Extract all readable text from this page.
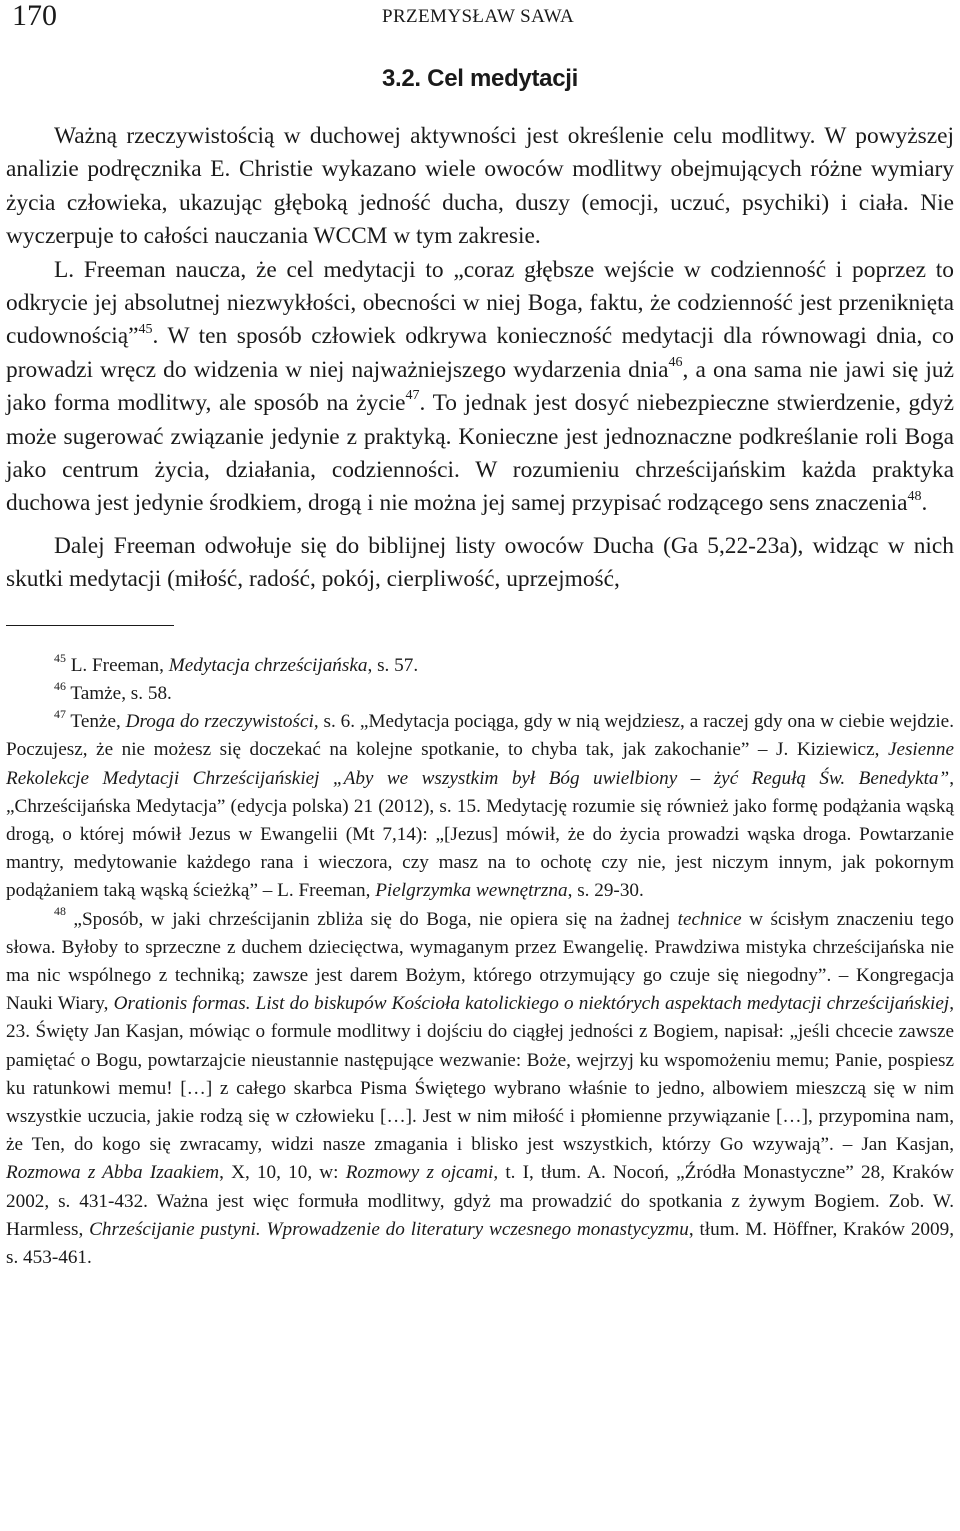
170	PRZEMYSŁAW SAWA
3.2. Cel medytacji

Ważną rzeczywistością w duchowej aktywności jest określenie celu modlitwy. W powyższej analizie podręcznika E. Christie wykazano wiele owoców modlitwy obejmujących różne wymiary życia człowieka, ukazując głęboką jedność ducha, duszy (emocji, uczuć, psychiki) i ciała. Nie wyczerpuje to całości nauczania WCCM w tym zakresie.

L. Freeman naucza, że cel medytacji to „coraz głębsze wejście w codzienność i poprzez to odkrycie jej absolutnej niezwykłości, obecności w niej Boga, faktu, że codzienność jest przeniknięta cudownością”$^{45}$. W ten sposób człowiek odkrywa konieczność medytacji dla równowagi dnia, co prowadzi wręcz do widzenia w niej najważniejszego wydarzenia dnia$^{46}$, a ona sama nie jawi się już jako forma modlitwy, ale sposób na życie$^{47}$. To jednak jest dosyć niebezpieczne stwierdzenie, gdyż może sugerować związanie jedynie z praktyką. Konieczne jest jednoznaczne podkreślanie roli Boga jako centrum życia, działania, codzienności. W rozumieniu chrześcijańskim każda praktyka duchowa jest jedynie środkiem, drogą i nie można jej samej przypisać rodzącego sens znaczenia$^{48}$.

Dalej Freeman odwołuje się do biblijnej listy owoców Ducha (Ga 5,22-23a), widząc w nich skutki medytacji (miłość, radość, pokój, cierpliwość, uprzejmość,

$^{45}$ L. Freeman, Medytacja chrześcijańska, s. 57.

$^{46}$ Tamże, s. 58.

$^{47}$ Tenże, Droga do rzeczywistości, s. 6. „Medytacja pociąga, gdy w nią wejdziesz, a raczej gdy ona w ciebie wejdzie. Poczujesz, że nie możesz się doczekać na kolejne spotkanie, to chyba tak, jak zakochanie” – J. Kiziewicz, Jesienne Rekolekcje Medytacji Chrześcijańskiej „Aby we wszystkim był Bóg uwielbiony – żyć Regułą Św. Benedykta”, „Chrześcijańska Medytacja” (edycja polska) 21 (2012), s. 15. Medytację rozumie się również jako formę podążania wąską drogą, o której mówił Jezus w Ewangelii (Mt 7,14): „[Jezus] mówił, że do życia prowadzi wąska droga. Powtarzanie mantry, medytowanie każdego rana i wieczora, czy masz na to ochotę czy nie, jest niczym innym, jak pokornym podążaniem taką wąską ścieżką” – L. Freeman, Pielgrzymka wewnętrzna, s. 29-30.

$^{48}$ „Sposób, w jaki chrześcijanin zbliża się do Boga, nie opiera się na żadnej technice w ścisłym znaczeniu tego słowa. Byłoby to sprzeczne z duchem dziecięctwa, wymaganym przez Ewangelię. Prawdziwa mistyka chrześcijańska nie ma nic wspólnego z techniką; zawsze jest darem Bożym, którego otrzymujący go czuje się niegodny”. – Kongregacja Nauki Wiary, Orationis formas. List do biskupów Kościoła katolickiego o niektórych aspektach medytacji chrześcijańskiej, 23. Święty Jan Kasjan, mówiąc o formule modlitwy i dojściu do ciągłej jedności z Bogiem, napisał: „jeśli chcecie zawsze pamiętać o Bogu, powtarzajcie nieustannie następujące wezwanie: Boże, wejrzyj ku wspomożeniu memu; Panie, pospiesz ku ratunkowi memu! […] z całego skarbca Pisma Świętego wybrano właśnie to jedno, albowiem mieszczą się w nim wszystkie uczucia, jakie rodzą się w człowieku […]. Jest w nim miłość i płomienne przywiązanie […], przypomina nam, że Ten, do kogo się zwracamy, widzi nasze zmagania i blisko jest wszystkich, którzy Go wzywają”. – Jan Kasjan, Rozmowa z Abba Izaakiem, X, 10, 10, w: Rozmowy z ojcami, t. I, tłum. A. Nocoń, „Źródła Monastyczne” 28, Kraków 2002, s. 431-432. Ważna jest więc formuła modlitwy, gdyż ma prowadzić do spotkania z żywym Bogiem. Zob. W. Harmless, Chrześcijanie pustyni. Wprowadzenie do literatury wczesnego monastycyzmu, tłum. M. Höffner, Kraków 2009, s. 453-461.
